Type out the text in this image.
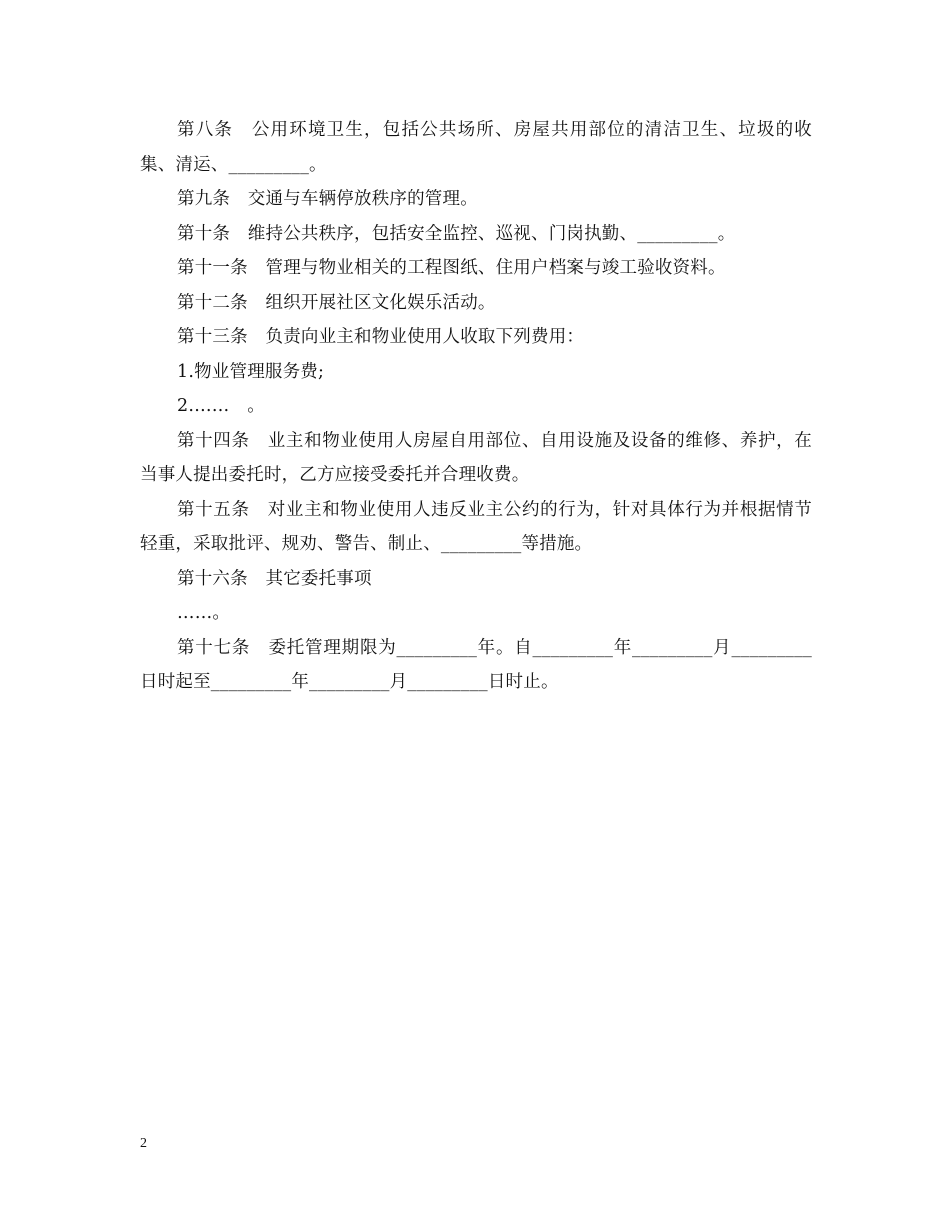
第八条　公用环境卫生，包括公共场所、房屋共用部位的清洁卫生、垃圾的收集、清运、_________。

第九条　交通与车辆停放秩序的管理。

第十条　维持公共秩序，包括安全监控、巡视、门岗执勤、_________。

第十一条　管理与物业相关的工程图纸、住用户档案与竣工验收资料。

第十二条　组织开展社区文化娱乐活动。

第十三条　负责向业主和物业使用人收取下列费用：

1.物业管理服务费;

2.……　。

第十四条　业主和物业使用人房屋自用部位、自用设施及设备的维修、养护，在当事人提出委托时，乙方应接受委托并合理收费。

第十五条　对业主和物业使用人违反业主公约的行为，针对具体行为并根据情节轻重，采取批评、规劝、警告、制止、_________等措施。

第十六条　其它委托事项

……。

第十七条　委托管理期限为_________年。自_________年_________月_________日时起至_________年_________月_________日时止。

2
